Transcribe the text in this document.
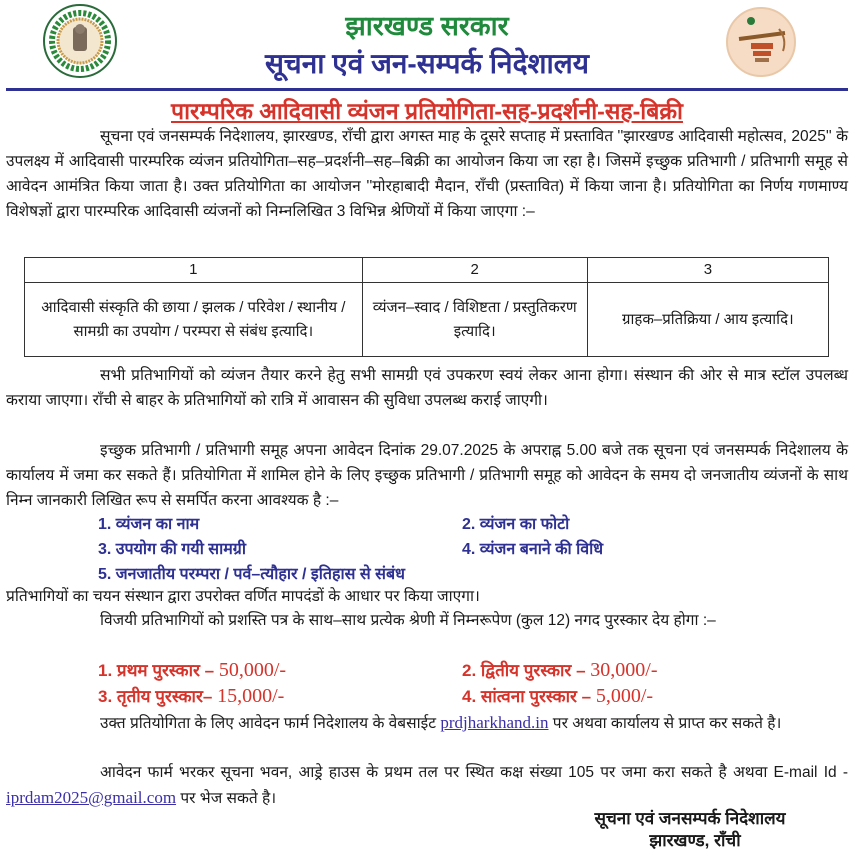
झारखण्ड सरकार
सूचना एवं जन-सम्पर्क निदेशालय
पारम्परिक आदिवासी व्यंजन प्रतियोगिता-सह-प्रदर्शनी-सह-बिक्री
सूचना एवं जनसम्पर्क निदेशालय, झारखण्ड, राँची द्वारा अगस्त माह के दूसरे सप्ताह में प्रस्तावित ''झारखण्ड आदिवासी महोत्सव, 2025'' के उपलक्ष्य में आदिवासी पारम्परिक व्यंजन प्रतियोगिता–सह–प्रदर्शनी–सह–बिक्री का आयोजन किया जा रहा है। जिसमें इच्छुक प्रतिभागी / प्रतिभागी समूह से आवेदन आमंत्रित किया जाता है। उक्त प्रतियोगिता का आयोजन ''मोरहाबादी मैदान, राँची (प्रस्तावित) में किया जाना है। प्रतियोगिता का निर्णय गणमाण्य विशेषज्ञों द्वारा पारम्परिक आदिवासी व्यंजनों को निम्नलिखित 3 विभिन्न श्रेणियों में किया जाएगा :–
1	2	3
आदिवासी संस्कृति की छाया / झलक / परिवेश / स्थानीय / सामग्री का उपयोग / परम्परा से संबंध इत्यादि।	व्यंजन–स्वाद / विशिष्टता / प्रस्तुतिकरण इत्यादि।	ग्राहक–प्रतिक्रिया / आय इत्यादि।
सभी प्रतिभागियों को व्यंजन तैयार करने हेतु सभी सामग्री एवं उपकरण स्वयं लेकर आना होगा। संस्थान की ओर से मात्र स्टॉल उपलब्ध कराया जाएगा। राँची से बाहर के प्रतिभागियों को रात्रि में आवासन की सुविधा उपलब्ध कराई जाएगी।
इच्छुक प्रतिभागी / प्रतिभागी समूह अपना आवेदन दिनांक 29.07.2025 के अपराह्न 5.00 बजे तक सूचना एवं जनसम्पर्क निदेशालय के कार्यालय में जमा कर सकते हैं। प्रतियोगिता में शामिल होने के लिए इच्छुक प्रतिभागी / प्रतिभागी समूह को आवेदन के समय दो जनजातीय व्यंजनों के साथ निम्न जानकारी लिखित रूप से समर्पित करना आवश्यक है :–
1. व्यंजन का नाम	2. व्यंजन का फोटो
3. उपयोग की गयी सामग्री	4. व्यंजन बनाने की विधि
5. जनजातीय परम्परा / पर्व–त्यौहार / इतिहास से संबंध
प्रतिभागियों का चयन संस्थान द्वारा उपरोक्त वर्णित मापदंडों के आधार पर किया जाएगा।
विजयी प्रतिभागियों को प्रशस्ति पत्र के साथ–साथ प्रत्येक श्रेणी में निम्नरूपेण (कुल 12) नगद पुरस्कार देय होगा :–
1. प्रथम पुरस्कार – 50,000/-	2. द्वितीय पुरस्कार – 30,000/-
3. तृतीय पुरस्कार– 15,000/-	4. सांत्वना पुरस्कार – 5,000/-
उक्त प्रतियोगिता के लिए आवेदन फार्म निदेशालय के वेबसाईट prdjharkhand.in पर अथवा कार्यालय से प्राप्त कर सकते है।
आवेदन फार्म भरकर सूचना भवन, आड्रे हाउस के प्रथम तल पर स्थित कक्ष संख्या 105 पर जमा करा सकते है अथवा E-mail Id - iprdam2025@gmail.com पर भेज सकते है।
सूचना एवं जनसम्पर्क निदेशालय
झारखण्ड, राँची
